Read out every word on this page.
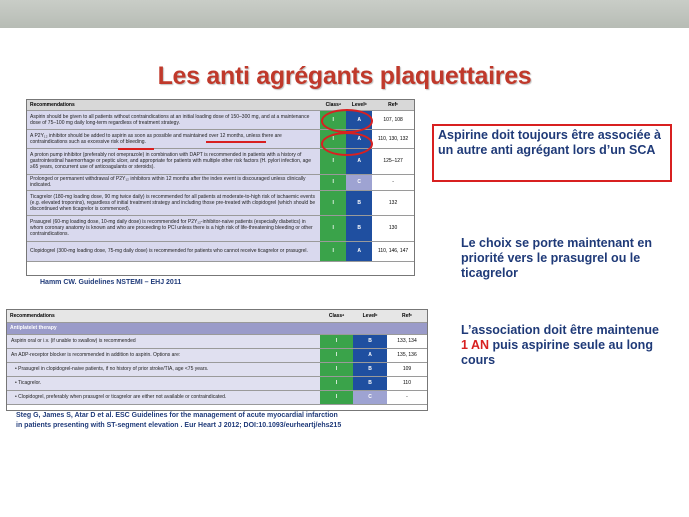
Les anti agrégants plaquettaires
Recommendations	Classᵃ	Levelᵇ	Refᶜ
Aspirin should be given to all patients without contraindications at an initial loading dose of 150–300 mg, and at a maintenance dose of 75–100 mg daily long-term regardless of treatment strategy.	I	A	107, 108
A P2Y₁₂ inhibitor should be added to aspirin as soon as possible and maintained over 12 months, unless there are contraindications such as excessive risk of bleeding.	I	A	110, 130, 132
A proton pump inhibitor (preferably not omeprazole) in combination with DAPT is recommended in patients with a history of gastrointestinal haemorrhage or peptic ulcer, and appropriate for patients with multiple other risk factors (H. pylori infection, age ≥65 years, concurrent use of anticoagulants or steroids).	I	A	125–127
Prolonged or permanent withdrawal of P2Y₁₂ inhibitors within 12 months after the index event is discouraged unless clinically indicated.	I	C	-
Ticagrelor (180-mg loading dose, 90 mg twice daily) is recommended for all patients at moderate-to-high risk of ischaemic events (e.g. elevated troponins), regardless of initial treatment strategy and including those pre-treated with clopidogrel (which should be discontinued when ticagrelor is commenced).	I	B	132
Prasugrel (60-mg loading dose, 10-mg daily dose) is recommended for P2Y₁₂-inhibitor-naive patients (especially diabetics) in whom coronary anatomy is known and who are proceeding to PCI unless there is a high risk of life-threatening bleeding or other contraindications.	I	B	130
Clopidogrel (300-mg loading dose, 75-mg daily dose) is recommended for patients who cannot receive ticagrelor or prasugrel.	I	A	110, 146, 147
Hamm CW. Guidelines NSTEMI – EHJ 2011
Recommendations	Classᵃ	Levelᵇ	Refᶜ
Antiplatelet therapy			
Aspirin oral or i.v. (if unable to swallow) is recommended	I	B	133, 134
An ADP-receptor blocker is recommended in addition to aspirin. Options are:	I	A	135, 136
• Prasugrel in clopidogrel-naive patients, if no history of prior stroke/TIA, age <75 years.	I	B	109
• Ticagrelor.	I	B	110
• Clopidogrel, preferably when prasugrel or ticagrelor are either not available or contraindicated.	I	C	-
Steg G, James S, Atar D et al. ESC Guidelines for the management of acute myocardial infarction
in patients presenting with ST-segment elevation . Eur Heart J 2012; DOI:10.1093/eurheartj/ehs215
Aspirine doit toujours être associée à un autre anti agrégant lors d’un SCA
Le choix se porte maintenant en priorité vers le prasugrel ou le ticagrelor
L’association doit être maintenue
1 AN puis aspirine seule au long cours
